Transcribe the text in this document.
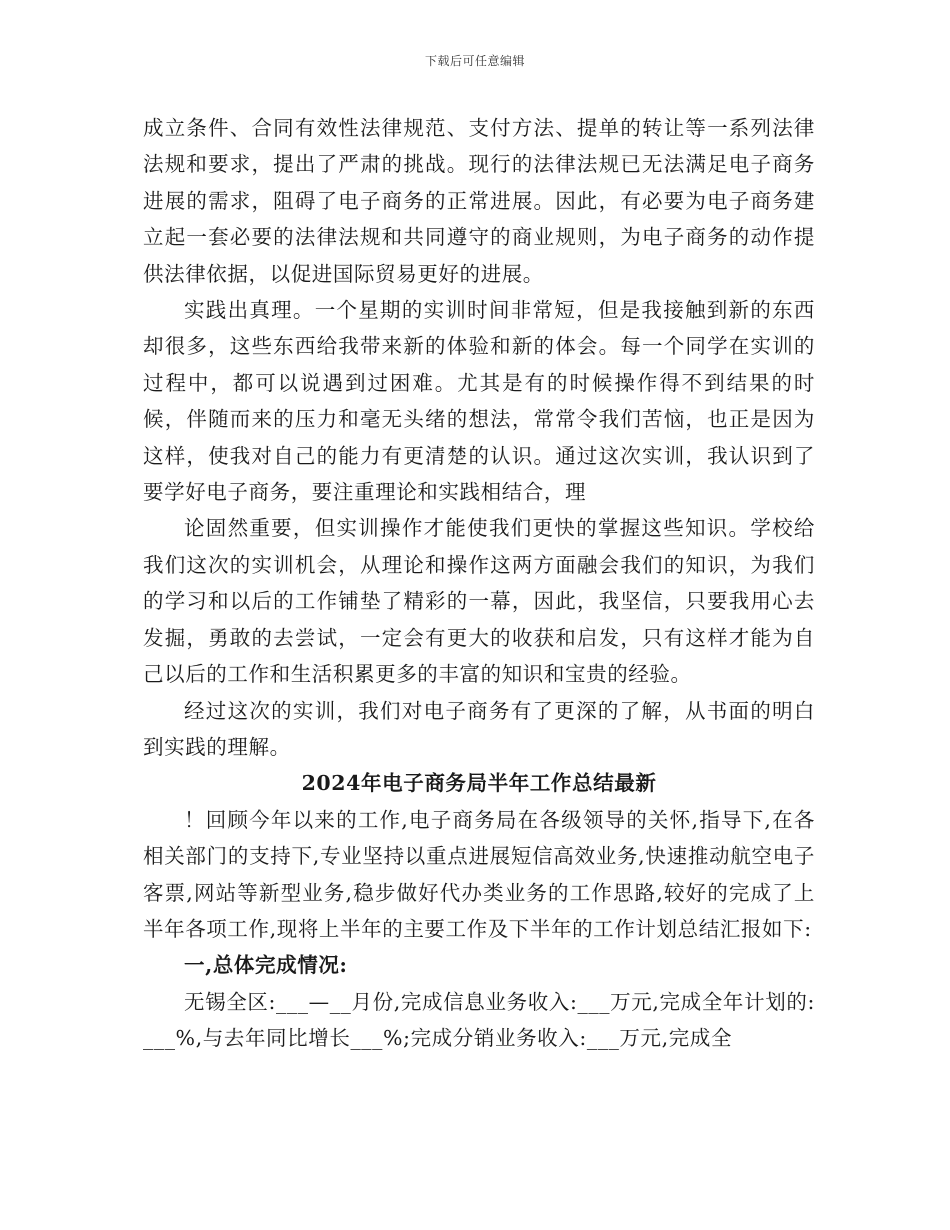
下载后可任意编辑

成立条件、合同有效性法律规范、支付方法、提单的转让等一系列法律法规和要求，提出了严肃的挑战。现行的法律法规已无法满足电子商务进展的需求，阻碍了电子商务的正常进展。因此，有必要为电子商务建立起一套必要的法律法规和共同遵守的商业规则，为电子商务的动作提供法律依据，以促进国际贸易更好的进展。

实践出真理。一个星期的实训时间非常短，但是我接触到新的东西却很多，这些东西给我带来新的体验和新的体会。每一个同学在实训的过程中，都可以说遇到过困难。尤其是有的时候操作得不到结果的时候，伴随而来的压力和毫无头绪的想法，常常令我们苦恼，也正是因为这样，使我对自己的能力有更清楚的认识。通过这次实训，我认识到了要学好电子商务，要注重理论和实践相结合，理

论固然重要，但实训操作才能使我们更快的掌握这些知识。学校给我们这次的实训机会，从理论和操作这两方面融会我们的知识，为我们的学习和以后的工作铺垫了精彩的一幕，因此，我坚信，只要我用心去发掘，勇敢的去尝试，一定会有更大的收获和启发，只有这样才能为自己以后的工作和生活积累更多的丰富的知识和宝贵的经验。

经过这次的实训，我们对电子商务有了更深的了解，从书面的明白到实践的理解。

2024年电子商务局半年工作总结最新

！回顾今年以来的工作,电子商务局在各级领导的关怀,指导下,在各相关部门的支持下,专业坚持以重点进展短信高效业务,快速推动航空电子客票,网站等新型业务,稳步做好代办类业务的工作思路,较好的完成了上半年各项工作,现将上半年的主要工作及下半年的工作计划总结汇报如下:

一,总体完成情况:

无锡全区:___—__月份,完成信息业务收入:___万元,完成全年计划的:___%,与去年同比增长___%;完成分销业务收入:___万元,完成全
